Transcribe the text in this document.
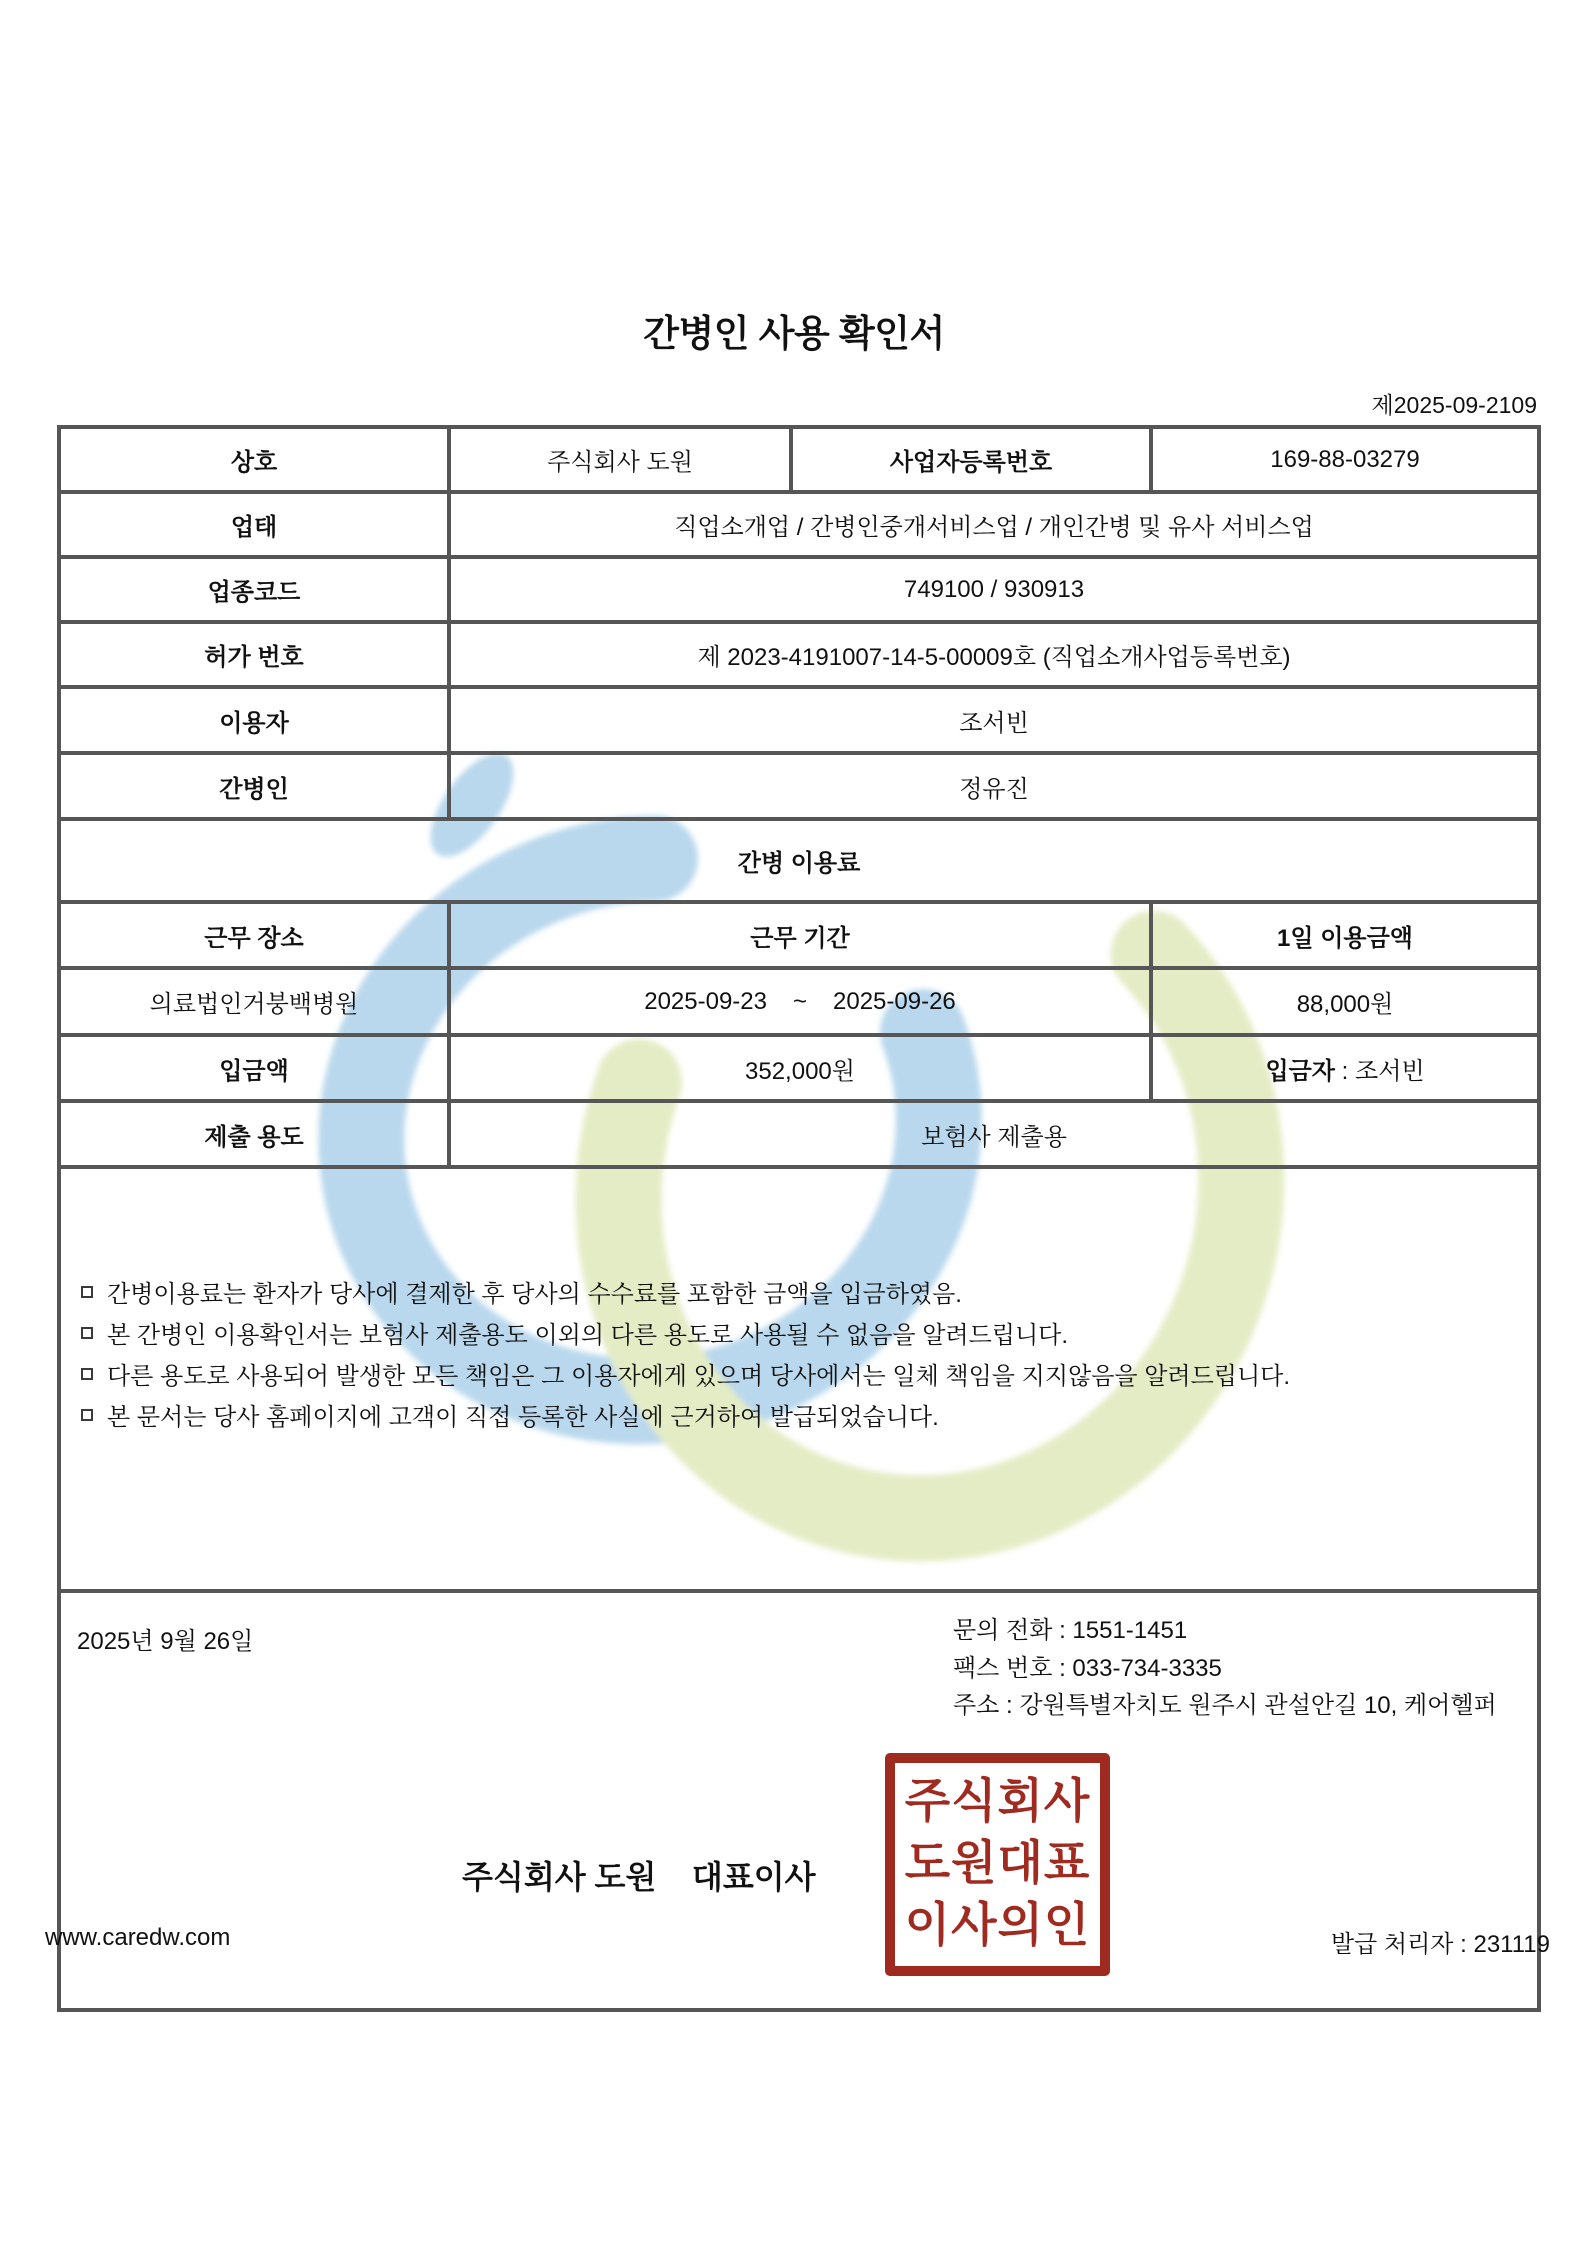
간병인 사용 확인서
제2025-09-2109
상호	주식회사 도원	사업자등록번호	169-88-03279
업태	직업소개업 / 간병인중개서비스업 / 개인간병 및 유사 서비스업		
업종코드	749100 / 930913		
허가 번호	제 2023-4191007-14-5-00009호 (직업소개사업등록번호)		
이용자	조서빈		
간병인	정유진		
간병 이용료			
근무 장소	근무 기간		1일 이용금액
의료법인거붕백병원	2025-09-23 ~ 2025-09-26		88,000원
입금액	352,000원		입금자 : 조서빈
제출 용도	보험사 제출용		

간병이용료는 환자가 당사에 결제한 후 당사의 수수료를 포함한 금액을 입금하였음.
본 간병인 이용확인서는 보험사 제출용도 이외의 다른 용도로 사용될 수 없음을 알려드립니다.
다른 용도로 사용되어 발생한 모든 책임은 그 이용자에게 있으며 당사에서는 일체 책임을 지지않음을 알려드립니다.
본 문서는 당사 홈페이지에 고객이 직접 등록한 사실에 근거하여 발급되었습니다.			

2025년 9월 26일	문의 전화 : 1551-1451
팩스 번호 : 033-734-3335
주소 : 강원특별자치도 원주시 관설안길 10, 케어헬퍼
주식회사 도원    대표이사
주식회사
도원대표
이사의인
www.caredw.com	발급 처리자 : 231119
